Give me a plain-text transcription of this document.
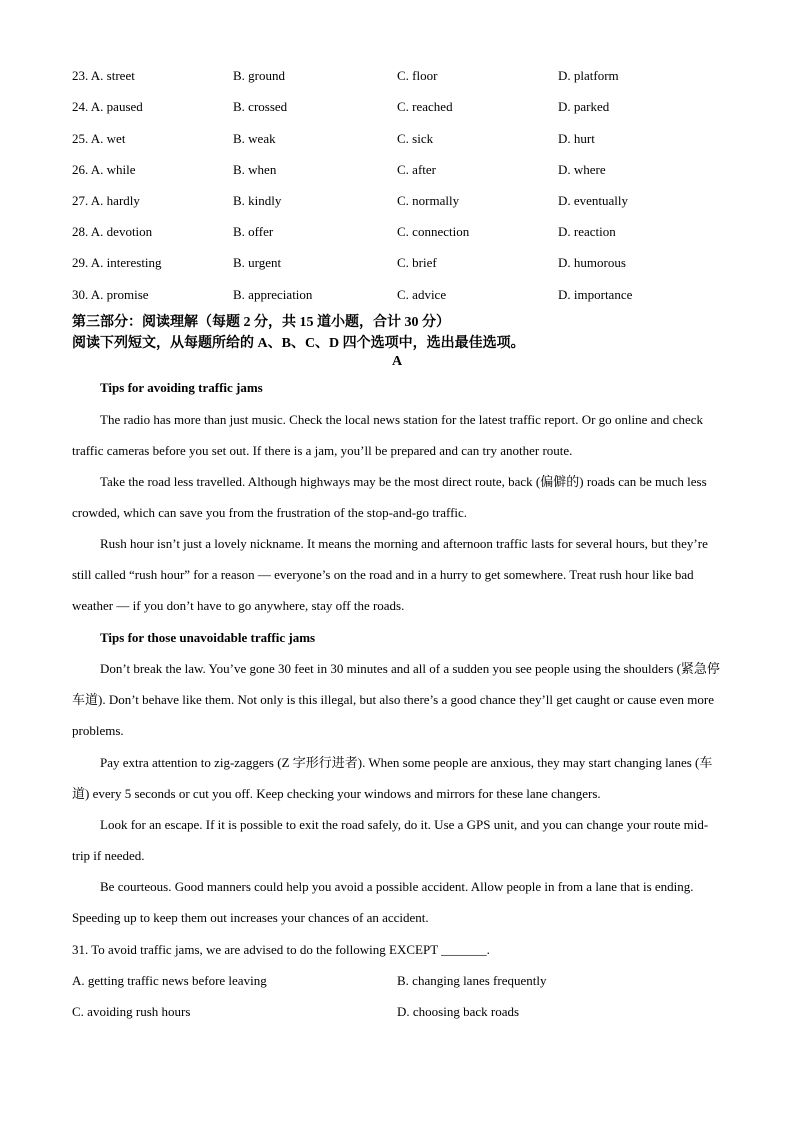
23. A. street	B. ground	C. floor	D. platform
24. A. paused	B. crossed	C. reached	D. parked
25. A. wet	B. weak	C. sick	D. hurt
26. A. while	B. when	C. after	D. where
27. A. hardly	B. kindly	C. normally	D. eventually
28. A. devotion	B. offer	C. connection	D. reaction
29. A. interesting	B. urgent	C. brief	D. humorous
30. A. promise	B. appreciation	C. advice	D. importance
第三部分：阅读理解（每题 2 分，共 15 道小题，合计 30 分）
阅读下列短文，从每题所给的 A、B、C、D 四个选项中，选出最佳选项。
A
Tips for avoiding traffic jams

The radio has more than just music. Check the local news station for the latest traffic report. Or go online and check traffic cameras before you set out. If there is a jam, you’ll be prepared and can try another route.

Take the road less travelled. Although highways may be the most direct route, back (偏僻的) roads can be much less crowded, which can save you from the frustration of the stop-and-go traffic.

Rush hour isn’t just a lovely nickname. It means the morning and afternoon traffic lasts for several hours, but they’re still called “rush hour” for a reason — everyone’s on the road and in a hurry to get somewhere. Treat rush hour like bad weather — if you don’t have to go anywhere, stay off the roads.

Tips for those unavoidable traffic jams

Don’t break the law. You’ve gone 30 feet in 30 minutes and all of a sudden you see people using the shoulders (紧急停车道). Don’t behave like them. Not only is this illegal, but also there’s a good chance they’ll get caught or cause even more problems.

Pay extra attention to zig-zaggers (Z 字形行进者). When some people are anxious, they may start changing lanes (车道) every 5 seconds or cut you off. Keep checking your windows and mirrors for these lane changers.

Look for an escape. If it is possible to exit the road safely, do it. Use a GPS unit, and you can change your route mid-trip if needed.

Be courteous. Good manners could help you avoid a possible accident. Allow people in from a lane that is ending. Speeding up to keep them out increases your chances of an accident.

31. To avoid traffic jams, we are advised to do the following EXCEPT _______.
A. getting traffic news before leaving	B. changing lanes frequently
C. avoiding rush hours	D. choosing back roads
